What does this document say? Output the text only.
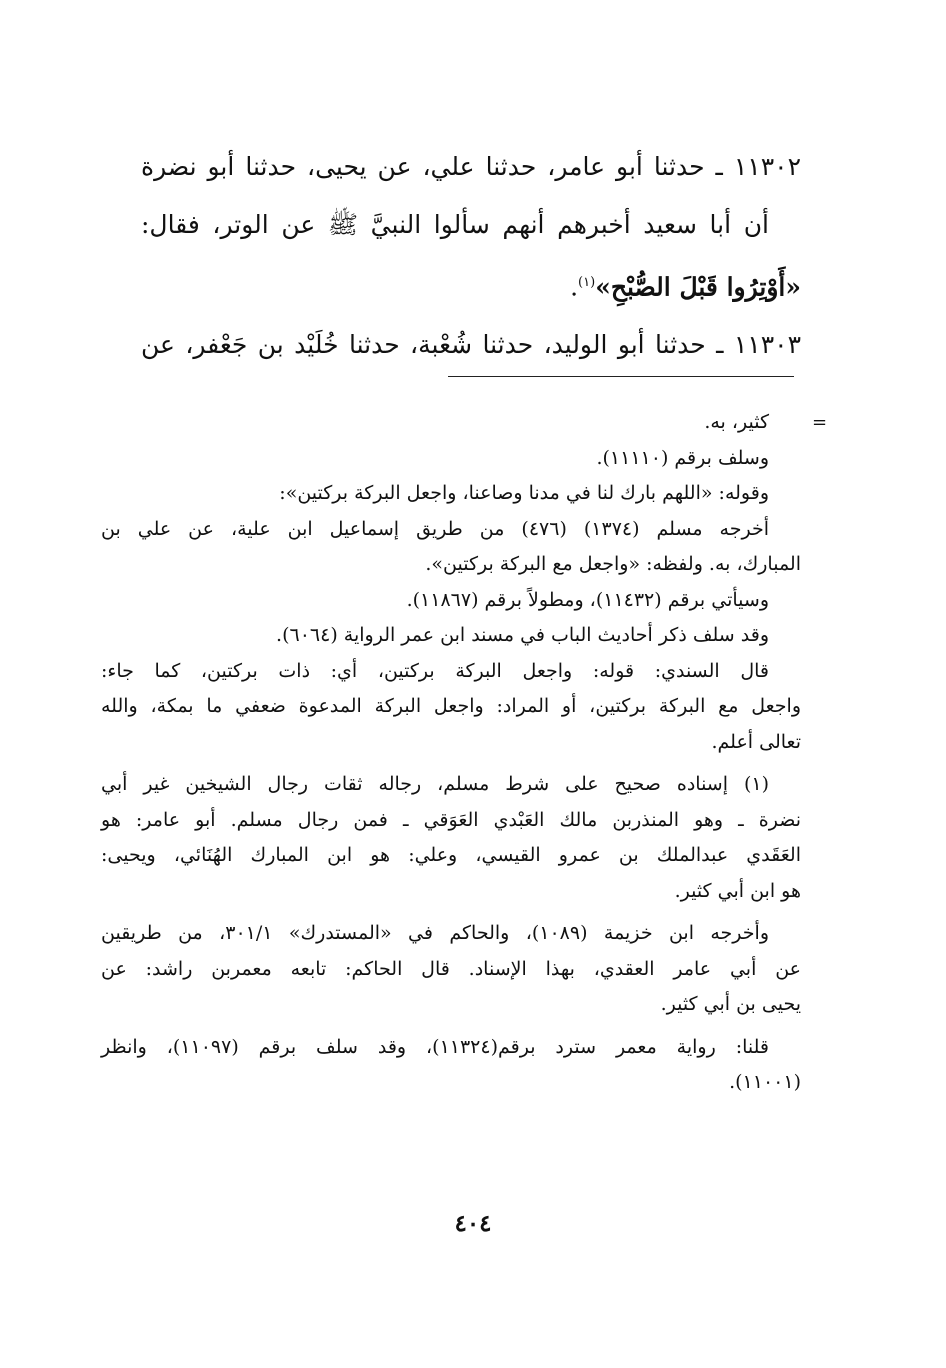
١١٣٠٢ ـ حدثنا أبو عامر، حدثنا علي، عن يحيى، حدثنا أبو نضرة
أن أبا سعيد أخبرهم أنهم سألوا النبيَّ ﷺ عن الوتر، فقال:
«أَوْتِرُوا قَبْلَ الصُّبْحِ»$^{(١)}$.
١١٣٠٣ ـ حدثنا أبو الوليد، حدثنا شُعْبة، حدثنا خُلَيْد بن جَعْفر، عن
=
كثير، به.
وسلف برقم (١١١١٠).
وقوله: «اللهم بارك لنا في مدنا وصاعنا، واجعل البركة بركتين»:
أخرجه مسلم (١٣٧٤) (٤٧٦) من طريق إسماعيل ابن علية، عن علي بن
المبارك، به. ولفظه: «واجعل مع البركة بركتين».
وسيأتي برقم (١١٤٣٢)، ومطولاً برقم (١١٨٦٧).
وقد سلف ذكر أحاديث الباب في مسند ابن عمر الرواية (٦٠٦٤).
قال السندي: قوله: واجعل البركة بركتين، أي: ذات بركتين، كما جاء:
واجعل مع البركة بركتين، أو المراد: واجعل البركة المدعوة ضعفي ما بمكة، والله
تعالى أعلم.
(١) إسناده صحيح على شرط مسلم، رجاله ثقات رجال الشيخين غير أبي
نضرة ـ وهو المنذربن مالك العَبْدي العَوَقي ـ فمن رجال مسلم. أبو عامر: هو
العَقَدي عبدالملك بن عمرو القيسي، وعلي: هو ابن المبارك الهُنَائي، ويحيى:
هو ابن أبي كثير.
وأخرجه ابن خزيمة (١٠٨٩)، والحاكم في «المستدرك» ٣٠١/١، من طريقين
عن أبي عامر العقدي، بهذا الإسناد. قال الحاكم: تابعه معمربن راشد: عن
يحيى بن أبي كثير.
قلنا: رواية معمر سترد برقم(١١٣٢٤)، وقد سلف برقم (١١٠٩٧)، وانظر
(١١٠٠١).
٤٠٤
